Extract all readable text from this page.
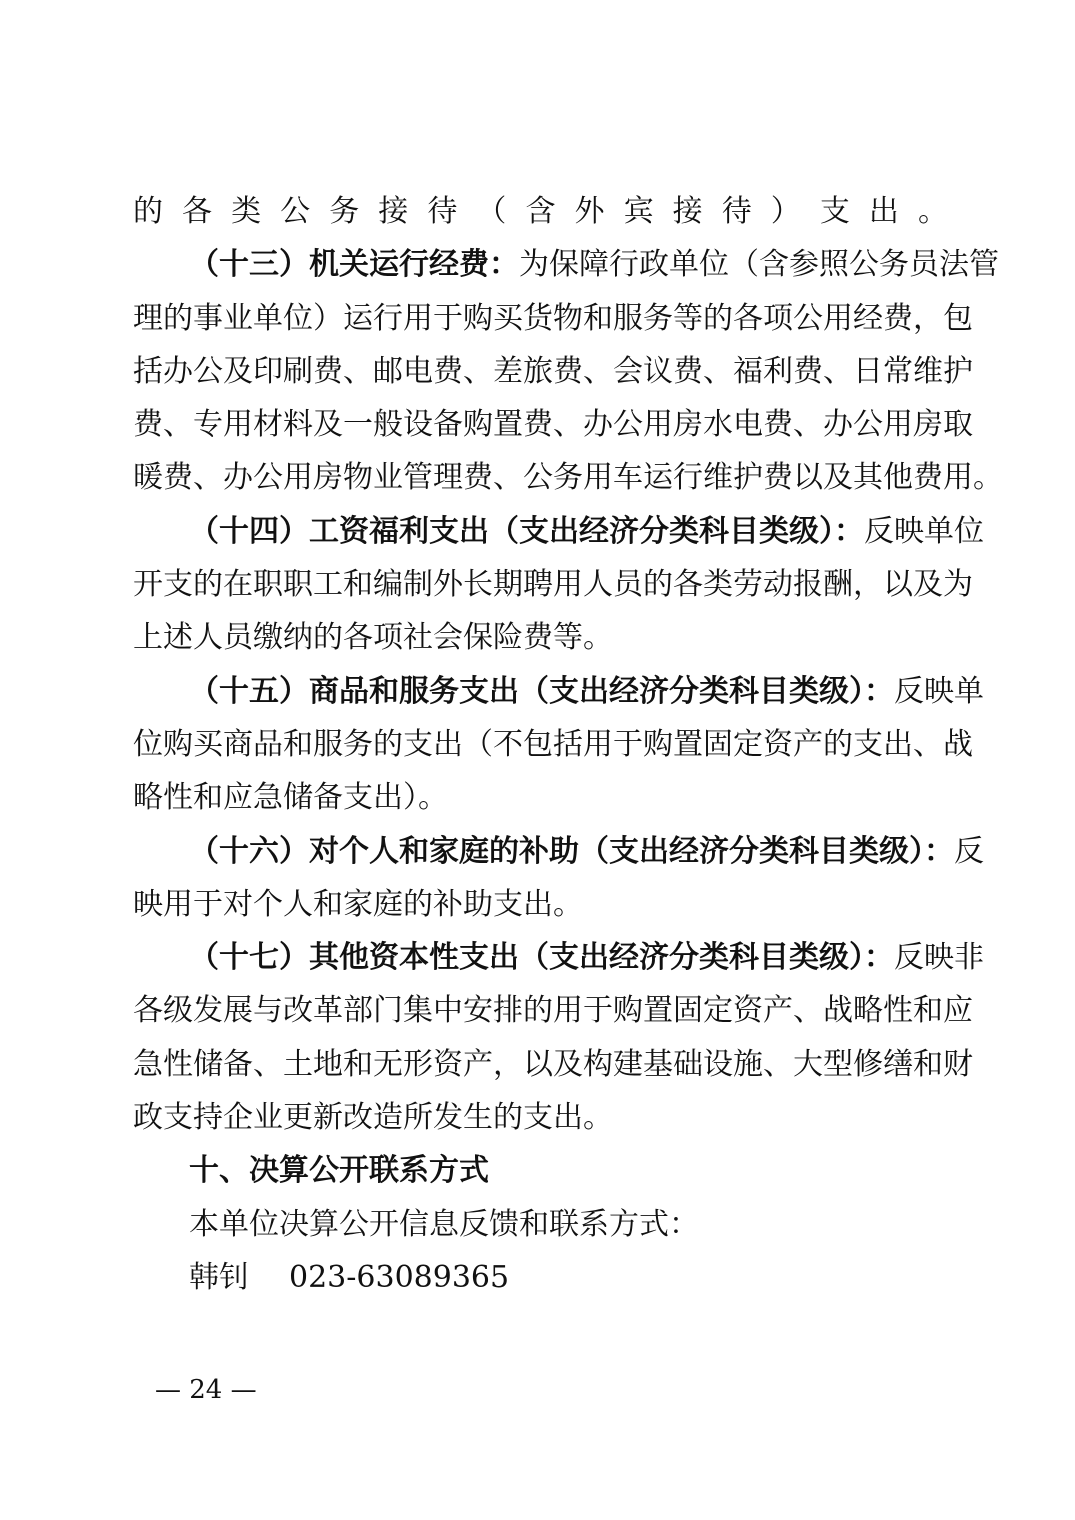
的各类公务接待（含外宾接待）支出。
（十三）机关运行经费：为保障行政单位（含参照公务员法管
理的事业单位）运行用于购买货物和服务等的各项公用经费，包
括办公及印刷费、邮电费、差旅费、会议费、福利费、日常维护
费、专用材料及一般设备购置费、办公用房水电费、办公用房取
暖费、办公用房物业管理费、公务用车运行维护费以及其他费用。
（十四）工资福利支出（支出经济分类科目类级）：反映单位
开支的在职职工和编制外长期聘用人员的各类劳动报酬，以及为
上述人员缴纳的各项社会保险费等。
（十五）商品和服务支出（支出经济分类科目类级）：反映单
位购买商品和服务的支出（不包括用于购置固定资产的支出、战
略性和应急储备支出）。
（十六）对个人和家庭的补助（支出经济分类科目类级）：反
映用于对个人和家庭的补助支出。
（十七）其他资本性支出（支出经济分类科目类级）：反映非
各级发展与改革部门集中安排的用于购置固定资产、战略性和应
急性储备、土地和无形资产，以及构建基础设施、大型修缮和财
政支持企业更新改造所发生的支出。
十、决算公开联系方式
本单位决算公开信息反馈和联系方式：
韩钊 023-63089365
— 24 —
